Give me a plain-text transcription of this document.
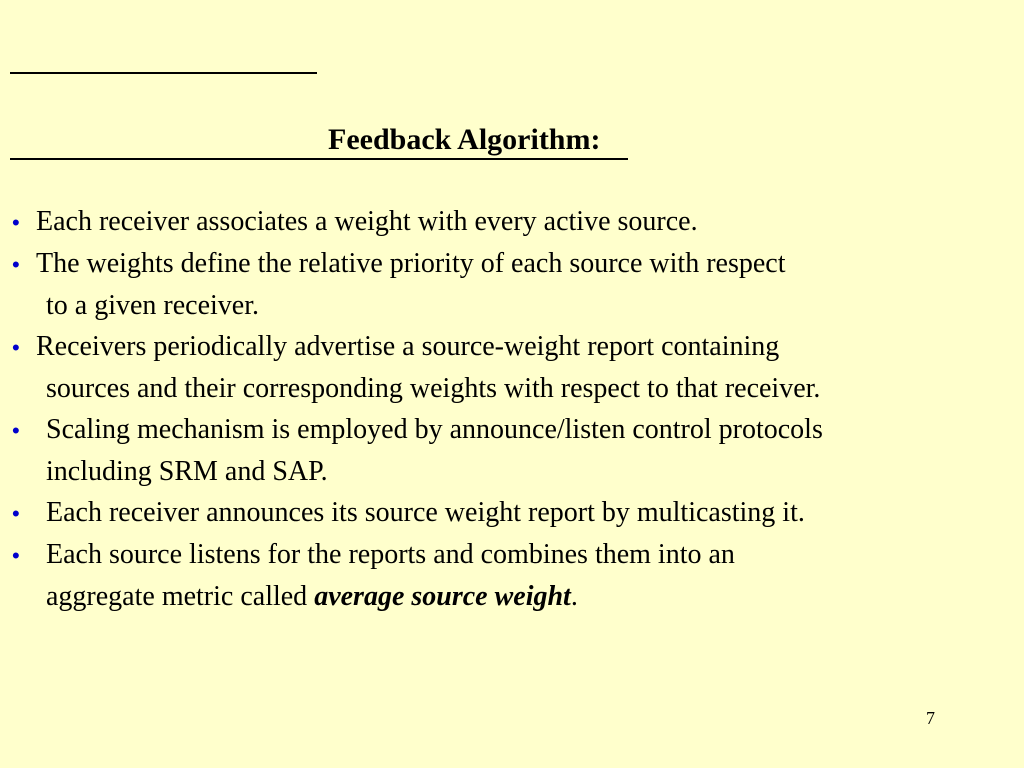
Feedback Algorithm:
• Each receiver associates a weight with every active source.
• The weights define the relative priority of each source with respect
to a given receiver.
• Receivers periodically advertise a source-weight report containing
sources and their corresponding weights with respect to that receiver.
• Scaling mechanism is employed by announce/listen control protocols
including SRM and SAP.
• Each receiver announces its source weight report by multicasting it.
• Each source listens for the reports and combines them into an
aggregate metric called average source weight.
7
